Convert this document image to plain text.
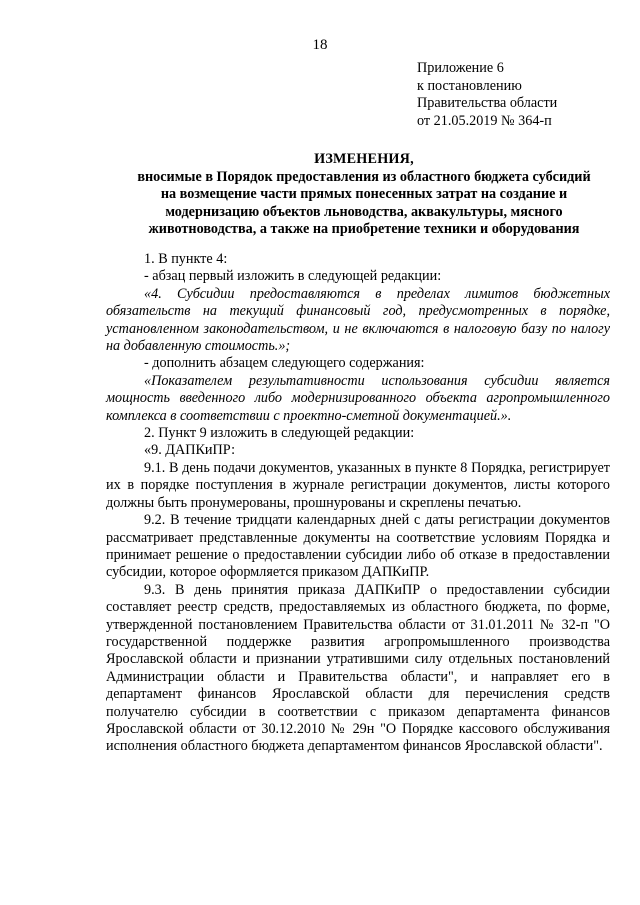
18
Приложение 6
к постановлению
Правительства области
от 21.05.2019 № 364-п
ИЗМЕНЕНИЯ,
вносимые в Порядок предоставления из областного бюджета субсидий
на возмещение части прямых понесенных затрат на создание и
модернизацию объектов льноводства, аквакультуры, мясного
животноводства, а также на приобретение техники и оборудования

1. В пункте 4:

- абзац первый изложить в следующей редакции:

«4. Субсидии предоставляются в пределах лимитов бюджетных обязательств на текущий финансовый год, предусмотренных в порядке, установленном законодательством, и не включаются в налоговую базу по налогу на добавленную стоимость.»;

- дополнить абзацем следующего содержания:

«Показателем результативности использования субсидии является мощность введенного либо модернизированного объекта агропромышленного комплекса в соответствии с проектно-сметной документацией.».

2. Пункт 9 изложить в следующей редакции:

«9. ДАПКиПР:

9.1. В день подачи документов, указанных в пункте 8 Порядка, регистрирует их в порядке поступления в журнале регистрации документов, листы которого должны быть пронумерованы, прошнурованы и скреплены печатью.

9.2. В течение тридцати календарных дней с даты регистрации документов рассматривает представленные документы на соответствие условиям Порядка и принимает решение о предоставлении субсидии либо об отказе в предоставлении субсидии, которое оформляется приказом ДАПКиПР.

9.3. В день принятия приказа ДАПКиПР о предоставлении субсидии составляет реестр средств, предоставляемых из областного бюджета, по форме, утвержденной постановлением Правительства области от 31.01.2011 № 32-п "О государственной поддержке развития агропромышленного производства Ярославской области и признании утратившими силу отдельных постановлений Администрации области и Правительства области", и направляет его в департамент финансов Ярославской области для перечисления средств получателю субсидии в соответствии с приказом департамента финансов Ярославской области от 30.12.2010 № 29н "О Порядке кассового обслуживания исполнения областного бюджета департаментом финансов Ярославской области".
